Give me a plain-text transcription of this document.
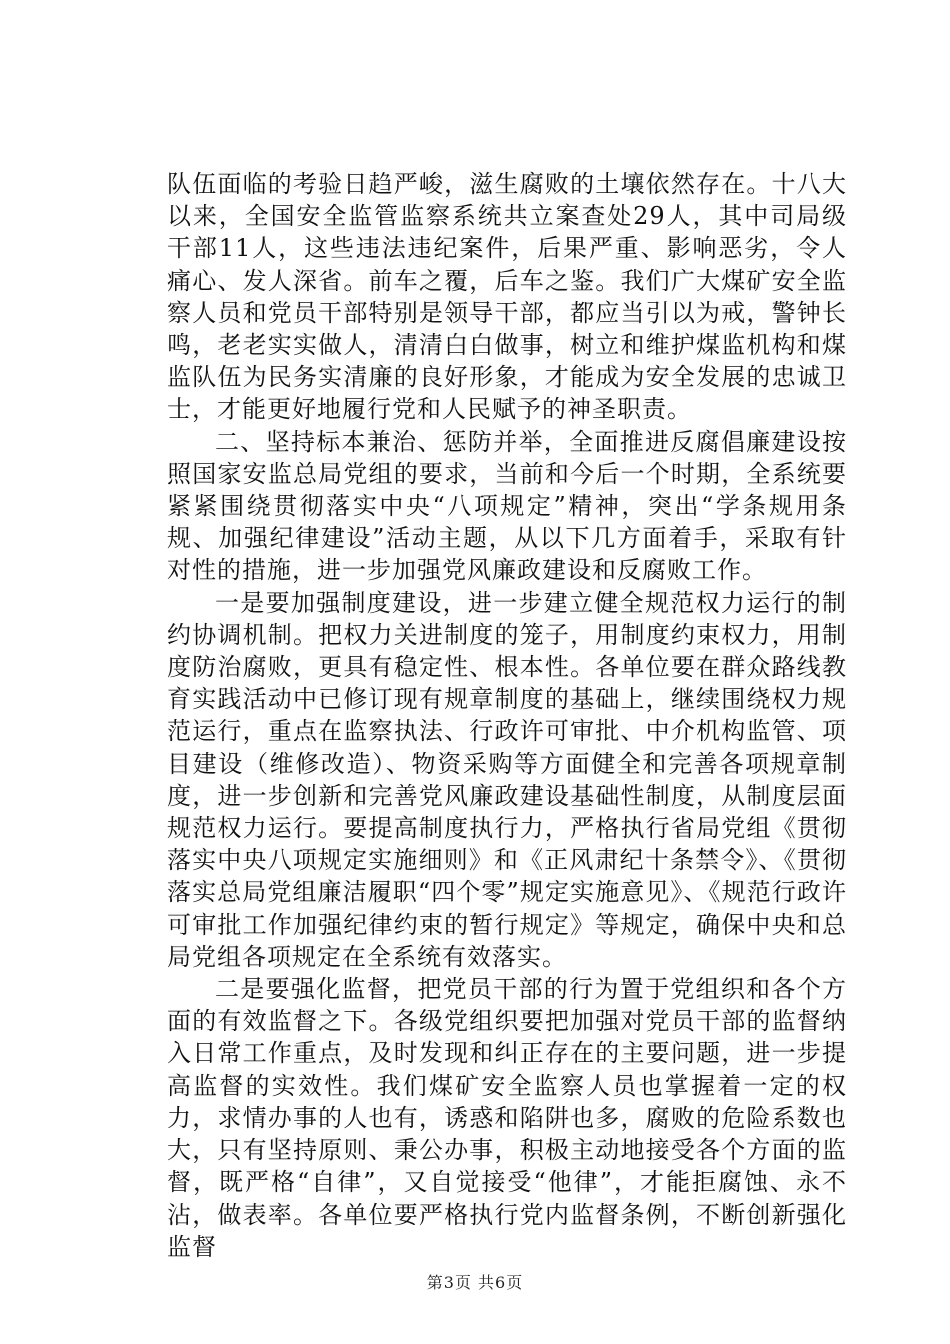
队伍面临的考验日趋严峻，滋生腐败的土壤依然存在。十八大以来，全国安全监管监察系统共立案查处29人，其中司局级干部11人，这些违法违纪案件，后果严重、影响恶劣，令人痛心、发人深省。前车之覆，后车之鉴。我们广大煤矿安全监察人员和党员干部特别是领导干部，都应当引以为戒，警钟长鸣，老老实实做人，清清白白做事，树立和维护煤监机构和煤监队伍为民务实清廉的良好形象，才能成为安全发展的忠诚卫士，才能更好地履行党和人民赋予的神圣职责。

二、坚持标本兼治、惩防并举，全面推进反腐倡廉建设按照国家安监总局党组的要求，当前和今后一个时期，全系统要紧紧围绕贯彻落实中央“八项规定”精神，突出“学条规用条规、加强纪律建设”活动主题，从以下几方面着手，采取有针对性的措施，进一步加强党风廉政建设和反腐败工作。

一是要加强制度建设，进一步建立健全规范权力运行的制约协调机制。把权力关进制度的笼子，用制度约束权力，用制度防治腐败，更具有稳定性、根本性。各单位要在群众路线教育实践活动中已修订现有规章制度的基础上，继续围绕权力规范运行，重点在监察执法、行政许可审批、中介机构监管、项目建设（维修改造）、物资采购等方面健全和完善各项规章制度，进一步创新和完善党风廉政建设基础性制度，从制度层面规范权力运行。要提高制度执行力，严格执行省局党组《贯彻落实中央八项规定实施细则》和《正风肃纪十条禁令》、《贯彻落实总局党组廉洁履职“四个零”规定实施意见》、《规范行政许可审批工作加强纪律约束的暂行规定》等规定，确保中央和总局党组各项规定在全系统有效落实。

二是要强化监督，把党员干部的行为置于党组织和各个方面的有效监督之下。各级党组织要把加强对党员干部的监督纳入日常工作重点，及时发现和纠正存在的主要问题，进一步提高监督的实效性。我们煤矿安全监察人员也掌握着一定的权力，求情办事的人也有，诱惑和陷阱也多，腐败的危险系数也大，只有坚持原则、秉公办事，积极主动地接受各个方面的监督，既严格“自律”，又自觉接受“他律”，才能拒腐蚀、永不沾，做表率。各单位要严格执行党内监督条例，不断创新强化监督

第3页 共6页
